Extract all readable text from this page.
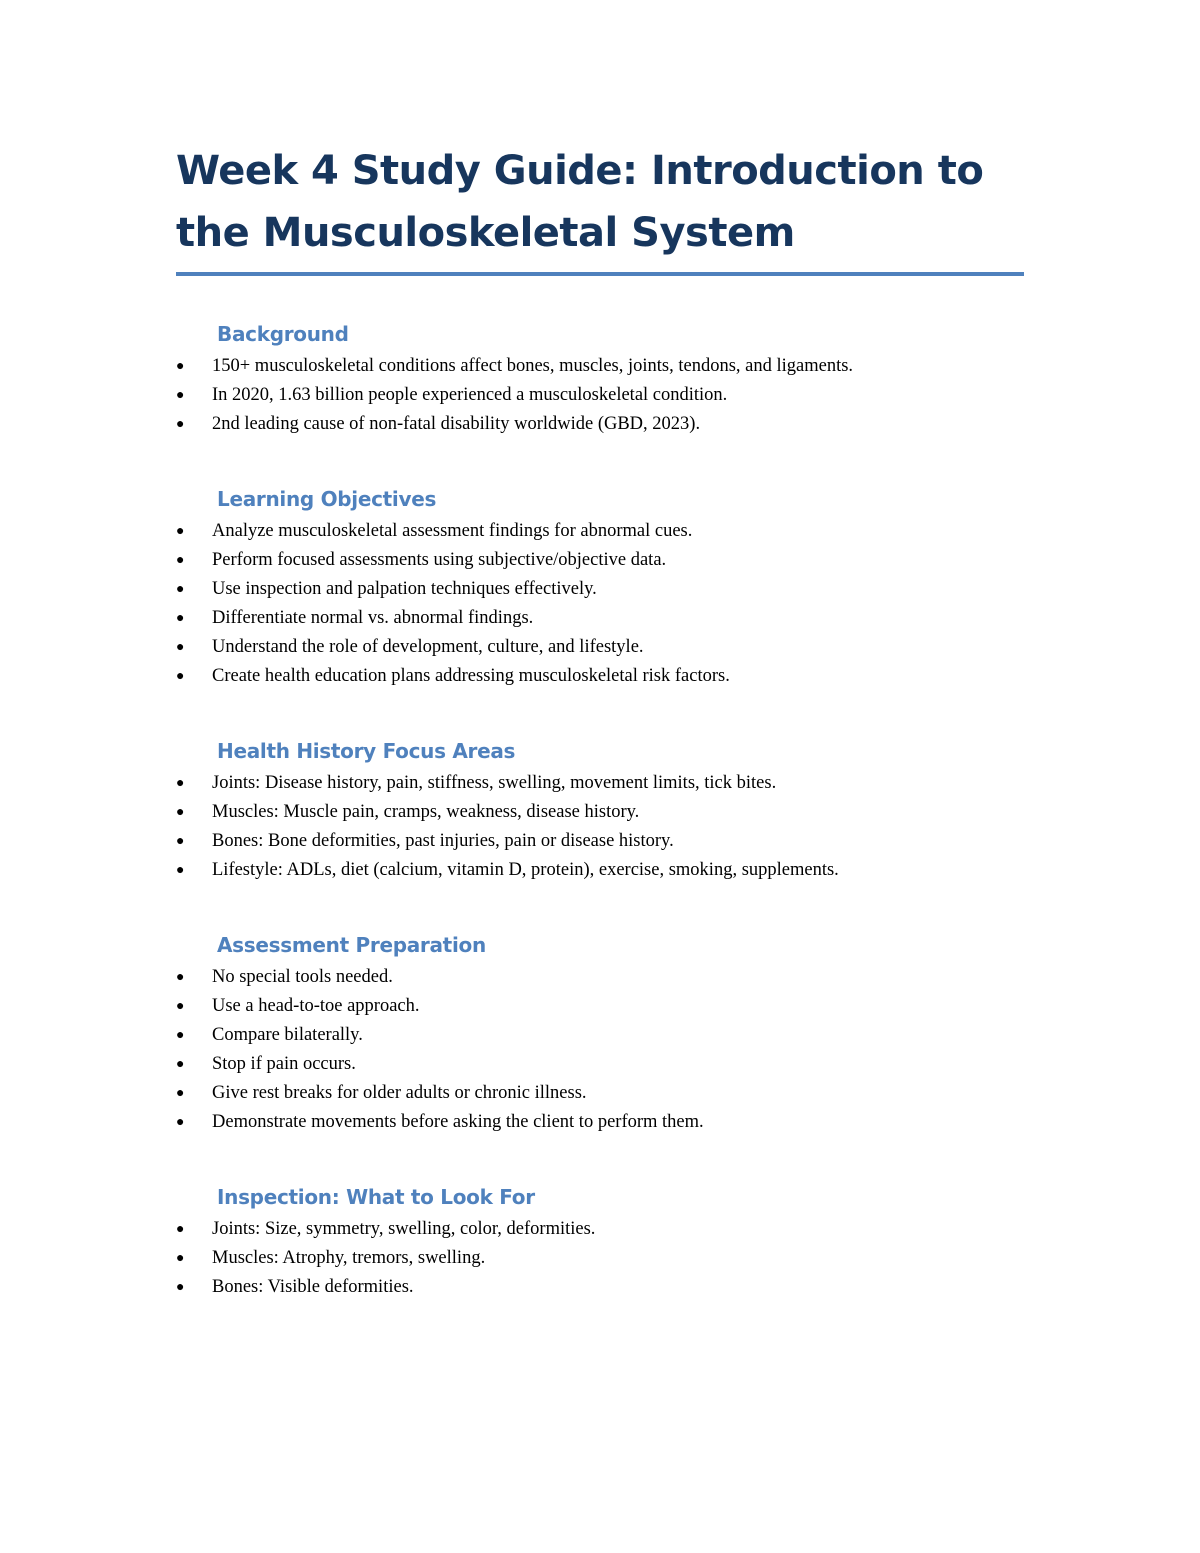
Week 4 Study Guide: Introduction to
the Musculoskeletal System
Background
● 150+ musculoskeletal conditions affect bones, muscles, joints, tendons, and ligaments.
● In 2020, 1.63 billion people experienced a musculoskeletal condition.
● 2nd leading cause of non-fatal disability worldwide (GBD, 2023).
Learning Objectives
● Analyze musculoskeletal assessment findings for abnormal cues.
● Perform focused assessments using subjective/objective data.
● Use inspection and palpation techniques effectively.
● Differentiate normal vs. abnormal findings.
● Understand the role of development, culture, and lifestyle.
● Create health education plans addressing musculoskeletal risk factors.
Health History Focus Areas
● Joints: Disease history, pain, stiffness, swelling, movement limits, tick bites.
● Muscles: Muscle pain, cramps, weakness, disease history.
● Bones: Bone deformities, past injuries, pain or disease history.
● Lifestyle: ADLs, diet (calcium, vitamin D, protein), exercise, smoking, supplements.
Assessment Preparation
● No special tools needed.
● Use a head-to-toe approach.
● Compare bilaterally.
● Stop if pain occurs.
● Give rest breaks for older adults or chronic illness.
● Demonstrate movements before asking the client to perform them.
Inspection: What to Look For
● Joints: Size, symmetry, swelling, color, deformities.
● Muscles: Atrophy, tremors, swelling.
● Bones: Visible deformities.
